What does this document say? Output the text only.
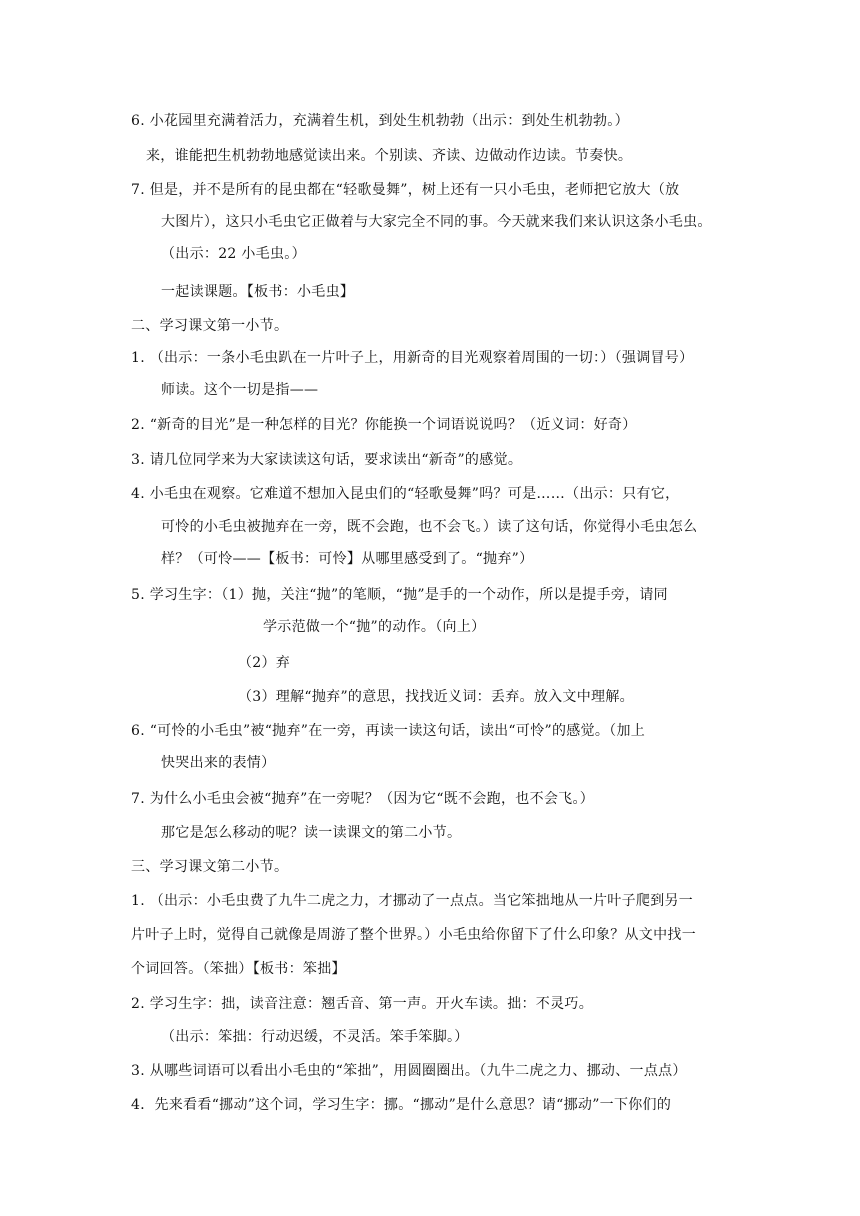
6. 小花园里充满着活力，充满着生机，到处生机勃勃（出示：到处生机勃勃。）
来，谁能把生机勃勃地感觉读出来。个别读、齐读、边做动作边读。节奏快。
7. 但是，并不是所有的昆虫都在“轻歌曼舞”，树上还有一只小毛虫，老师把它放大（放
大图片），这只小毛虫它正做着与大家完全不同的事。今天就来我们来认识这条小毛虫。
（出示：22 小毛虫。）
一起读课题。【板书：小毛虫】
二、学习课文第一小节。
1. （出示：一条小毛虫趴在一片叶子上，用新奇的目光观察着周围的一切：）（强调冒号）
师读。这个一切是指——
2. “新奇的目光”是一种怎样的目光？你能换一个词语说说吗？（近义词：好奇）
3. 请几位同学来为大家读读这句话，要求读出“新奇”的感觉。
4. 小毛虫在观察。它难道不想加入昆虫们的“轻歌曼舞”吗？可是……（出示：只有它，
可怜的小毛虫被抛弃在一旁，既不会跑，也不会飞。）读了这句话，你觉得小毛虫怎么
样？（可怜——【板书：可怜】从哪里感受到了。“抛弃”）
5. 学习生字：（1）抛，关注“抛”的笔顺，“抛”是手的一个动作，所以是提手旁，请同
学示范做一个“抛”的动作。（向上）
（2）弃
（3）理解“抛弃”的意思，找找近义词：丢弃。放入文中理解。
6. “可怜的小毛虫”被“抛弃”在一旁，再读一读这句话，读出“可怜”的感觉。（加上
快哭出来的表情）
7. 为什么小毛虫会被“抛弃”在一旁呢？（因为它“既不会跑，也不会飞。）
那它是怎么移动的呢？读一读课文的第二小节。
三、学习课文第二小节。
1. （出示：小毛虫费了九牛二虎之力，才挪动了一点点。当它笨拙地从一片叶子爬到另一
片叶子上时，觉得自己就像是周游了整个世界。）小毛虫给你留下了什么印象？从文中找一
个词回答。（笨拙）【板书：笨拙】
2. 学习生字：拙，读音注意：翘舌音、第一声。开火车读。拙：不灵巧。
（出示：笨拙：行动迟缓，不灵活。笨手笨脚。）
3. 从哪些词语可以看出小毛虫的“笨拙”，用圆圈圈出。（九牛二虎之力、挪动、一点点）
4．先来看看“挪动”这个词，学习生字：挪。“挪动”是什么意思？请“挪动”一下你们的
